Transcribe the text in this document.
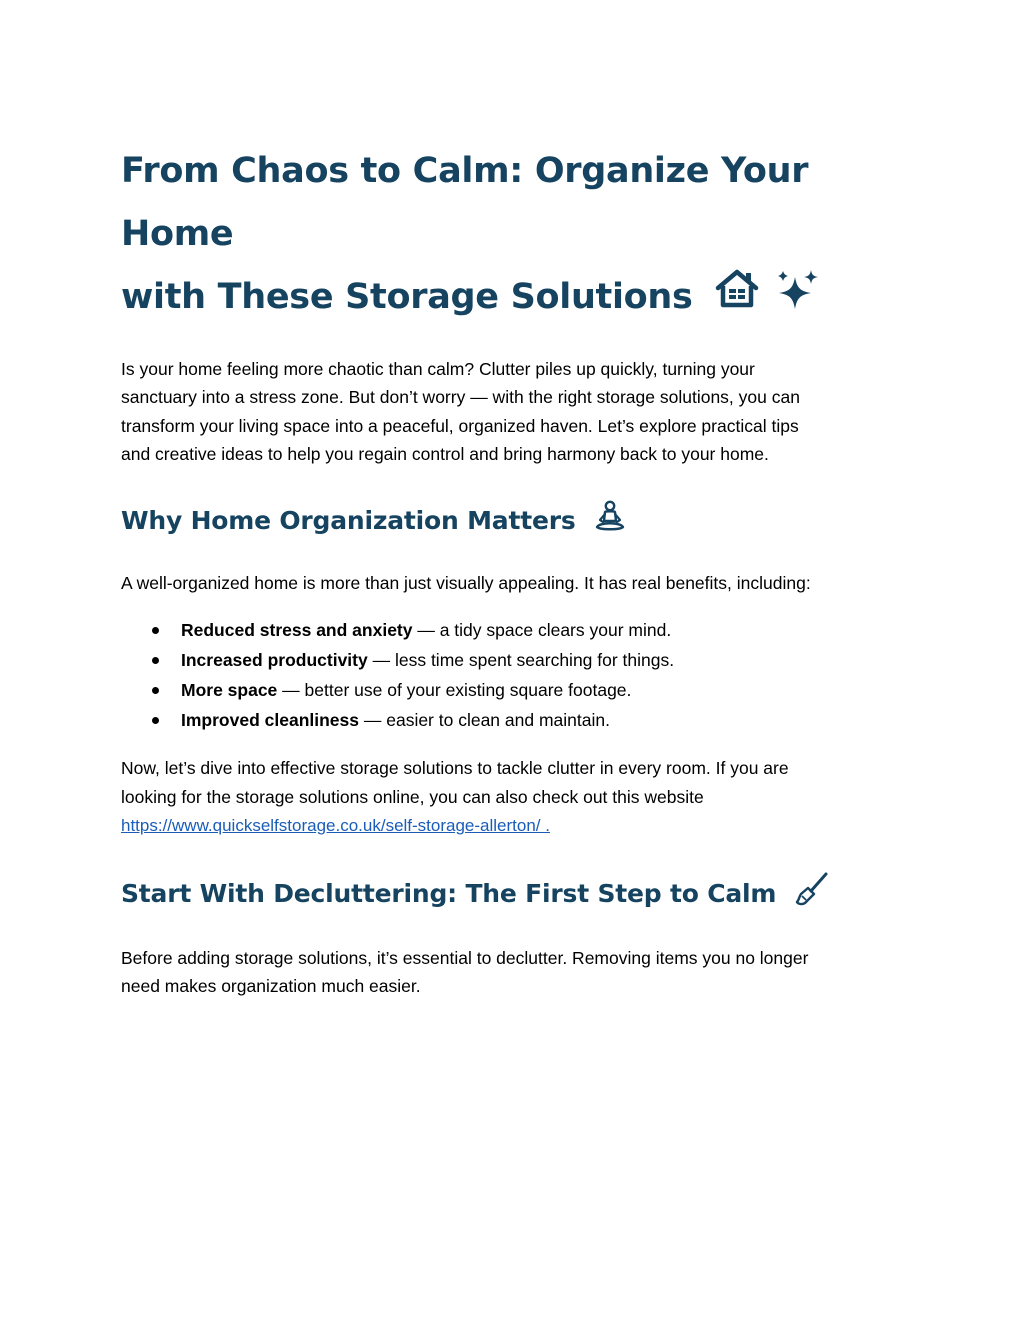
From Chaos to Calm: Organize Your Home
with These Storage Solutions

Is your home feeling more chaotic than calm? Clutter piles up quickly, turning your
sanctuary into a stress zone. But don’t worry — with the right storage solutions, you can
transform your living space into a peaceful, organized haven. Let’s explore practical tips
and creative ideas to help you regain control and bring harmony back to your home.

Why Home Organization Matters

A well-organized home is more than just visually appealing. It has real benefits, including:

Reduced stress and anxiety — a tidy space clears your mind.
Increased productivity — less time spent searching for things.
More space — better use of your existing square footage.
Improved cleanliness — easier to clean and maintain.

Now, let’s dive into effective storage solutions to tackle clutter in every room. If you are
looking for the storage solutions online, you can also check out this website
https://www.quickselfstorage.co.uk/self-storage-allerton/ .

Start With Decluttering: The First Step to Calm

Before adding storage solutions, it’s essential to declutter. Removing items you no longer
need makes organization much easier.
